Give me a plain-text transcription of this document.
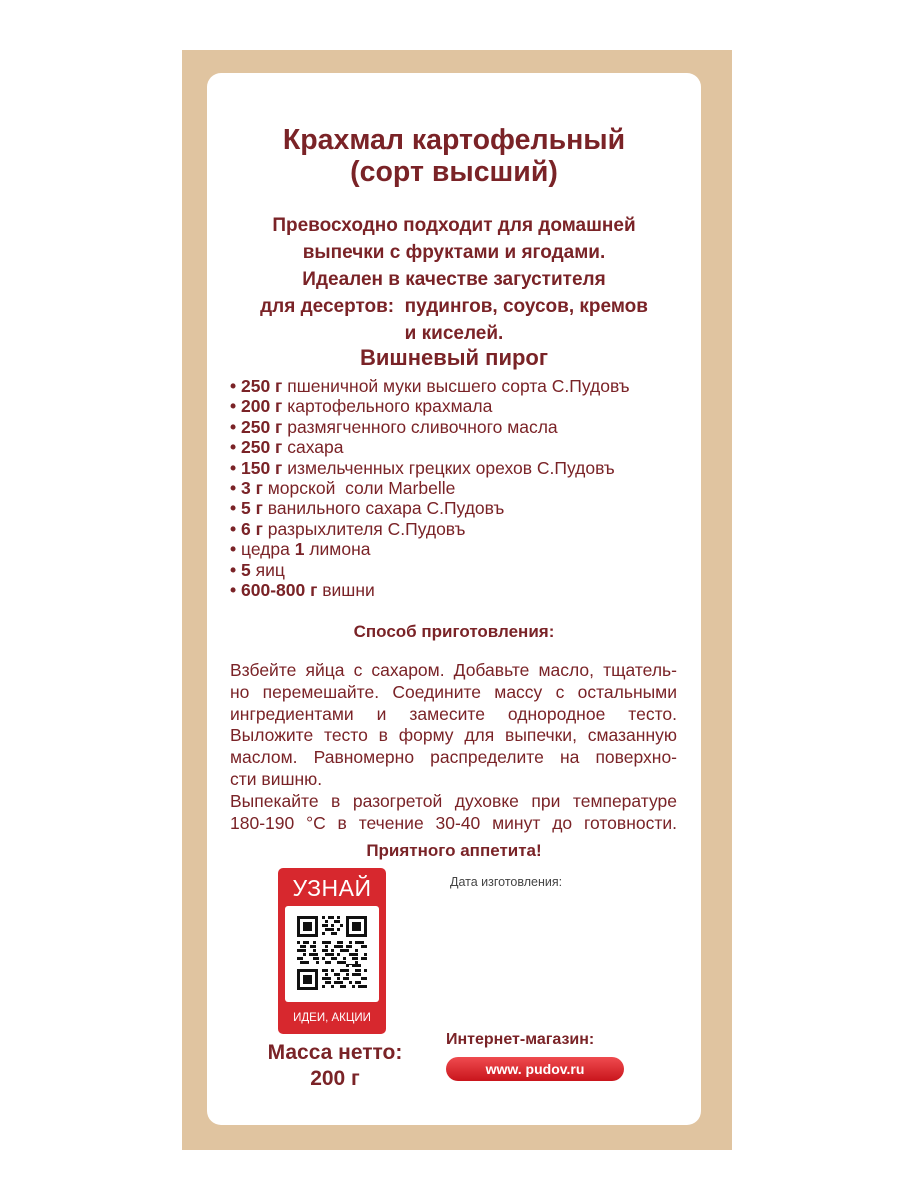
Крахмал картофельный
(сорт высший)
Превосходно подходит для домашней
выпечки с фруктами и ягодами.
Идеален в качестве загустителя
для десертов:  пудингов, соусов, кремов
и киселей.
Вишневый пирог
• 250 г пшеничной муки высшего сорта С.Пудовъ
• 200 г картофельного крахмала
• 250 г размягченного сливочного масла
• 250 г сахара
• 150 г измельченных грецких орехов С.Пудовъ
• 3 г морской  соли Marbelle
• 5 г ванильного сахара С.Пудовъ
• 6 г разрыхлителя С.Пудовъ
• цедра 1 лимона
• 5 яиц
• 600-800 г вишни
Способ приготовления:

Взбейте яйца с сахаром. Добавьте масло, тщатель-

но перемешайте. Соедините массу с остальными

ингредиентами и замесите однородное тесто.

Выложите тесто в форму для выпечки, смазанную

маслом. Равномерно распределите на поверхно-

сти вишню.

Выпекайте в разогретой духовке при температуре

180-190 °С в течение 30-40 минут до готовности.

Приятного аппетита!
УЗНАЙ
ИДЕИ, АКЦИИ
Дата изготовления:
Масса нетто:
200 г
Интернет-магазин:
www. pudov.ru
